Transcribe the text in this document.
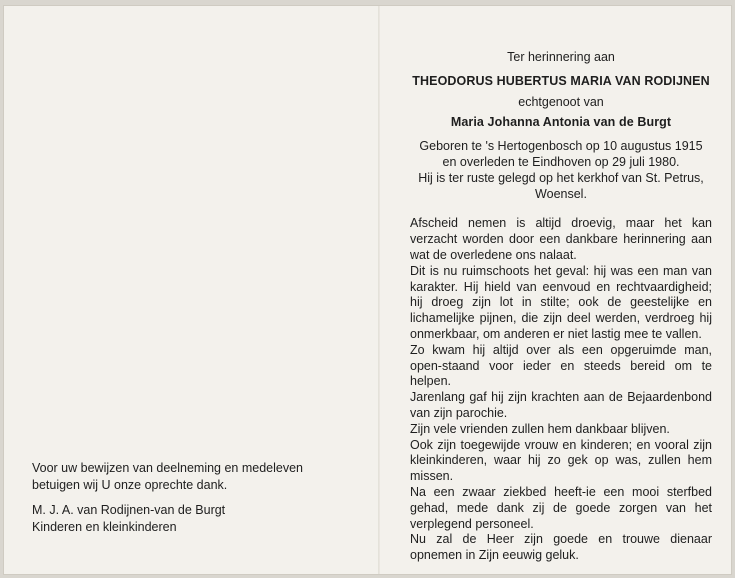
Voor uw bewijzen van deelneming en medeleven

betuigen wij U onze oprechte dank.

M. J. A. van Rodijnen-van de Burgt

Kinderen en kleinkinderen

Ter herinnering aan

THEODORUS HUBERTUS MARIA VAN RODIJNEN

echtgenoot van

Maria Johanna Antonia van de Burgt

Geboren te 's Hertogenbosch op 10 augustus 1915

en overleden te Eindhoven op 29 juli 1980.

Hij is ter ruste gelegd op het kerkhof van St. Petrus,

Woensel.

Afscheid nemen is altijd droevig, maar het kan verzacht worden door een dankbare herinnering aan wat de overledene ons nalaat.

Dit is nu ruimschoots het geval: hij was een man van karakter. Hij hield van eenvoud en rechtvaardigheid; hij droeg zijn lot in stilte; ook de geestelijke en lichamelijke pijnen, die zijn deel werden, verdroeg hij onmerkbaar, om anderen er niet lastig mee te vallen.

Zo kwam hij altijd over als een opgeruimde man, open-staand voor ieder en steeds bereid om te helpen.

Jarenlang gaf hij zijn krachten aan de Bejaardenbond van zijn parochie.

Zijn vele vrienden zullen hem dankbaar blijven.

Ook zijn toegewijde vrouw en kinderen; en vooral zijn kleinkinderen, waar hij zo gek op was, zullen hem missen.

Na een zwaar ziekbed heeft-ie een mooi sterfbed gehad, mede dank zij de goede zorgen van het verplegend personeel.

Nu zal de Heer zijn goede en trouwe dienaar opnemen in Zijn eeuwig geluk.
